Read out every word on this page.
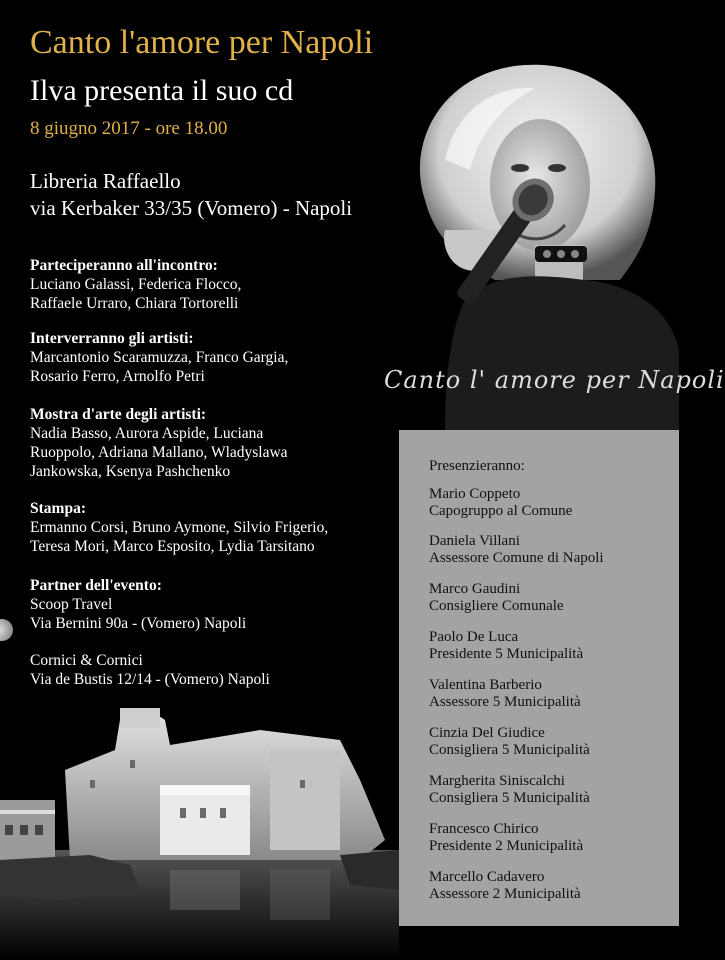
Canto l'amore per Napoli
Ilva presenta il suo cd
8 giugno 2017 - ore 18.00
Libreria Raffaello
via Kerbaker 33/35 (Vomero) - Napoli
Parteciperanno all'incontro:
Luciano Galassi, Federica Flocco,
Raffaele Urraro, Chiara Tortorelli
Interverranno gli artisti:
Marcantonio Scaramuzza, Franco Gargia,
Rosario Ferro, Arnolfo Petri
Mostra d'arte degli artisti:
Nadia Basso, Aurora Aspide, Luciana
Ruoppolo, Adriana Mallano, Wladyslawa
Jankowska, Ksenya Pashchenko
Stampa:
Ermanno Corsi, Bruno Aymone, Silvio Frigerio,
Teresa Mori, Marco Esposito, Lydia Tarsitano
Partner dell'evento:
Scoop Travel
Via Bernini 90a - (Vomero) Napoli
Cornici & Cornici
Via de Bustis 12/14 - (Vomero) Napoli
Canto l' amore per Napoli
Presenzieranno:
Mario Coppeto
Capogruppo al Comune
Daniela Villani
Assessore Comune di Napoli
Marco Gaudini
Consigliere Comunale
Paolo De Luca
Presidente 5 Municipalità
Valentina Barberio
Assessore 5 Municipalità
Cinzia Del Giudice
Consigliera 5 Municipalità
Margherita Siniscalchi
Consigliera 5 Municipalità
Francesco Chirico
Presidente 2 Municipalità
Marcello Cadavero
Assessore 2 Municipalità
